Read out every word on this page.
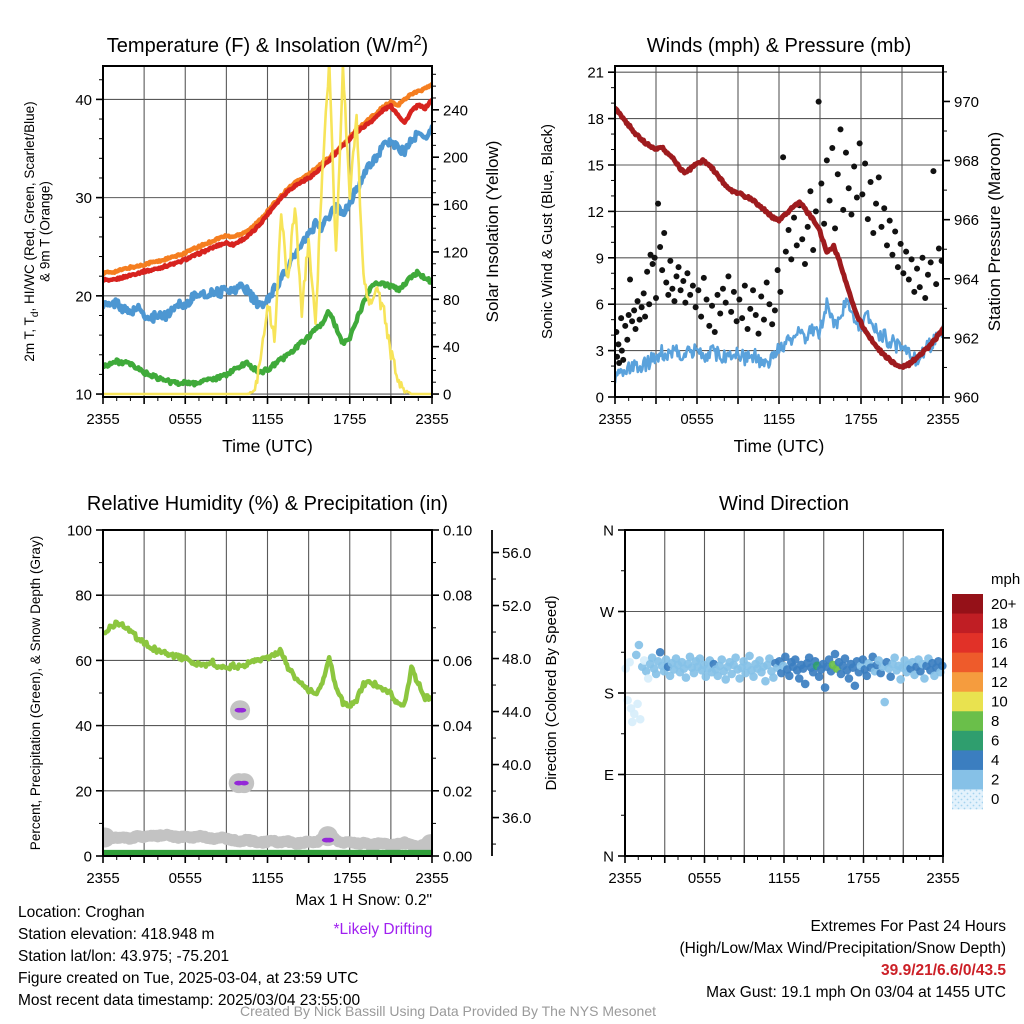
2355	0555	1155	1755	2355
Time (UTC)
10
20
30
40
2m T, $T_d$, HI/WC (Red, Green, Scarlet/Blue) & 9m T (Orange)
0
40
80
120
160
200
240
Solar Insolation (Yellow)
Temperature (F) & Insolation $(W/m^2)$
2355	0555	1155	1755	2355
Time (UTC)
0
3
6
9
12
15
18
21
Sonic Wind & Gust (Blue, Black)
960
962
964
966
968
970
Station Pressure (Maroon)
Winds (mph) & Pressure (mb)
2355	0555	1155	1755	2355
0
20
40
60
80
100
Percent, Precipitation (Green), & Snow Depth (Gray)
0.00
0.02
0.04
0.06
0.08
0.10
36.0
40.0
44.0
48.0
52.0
56.0
Relative Humidity (%) & Precipitation (in)
2355	0555	1155	1755	2355
N
W
S
E
N
Direction (Colored By Speed)
Wind Direction
20+
18
16
14
12
10
8
6
4
2
0
mph
Location: Croghan
Station elevation: 418.948 m
Station lat/lon: 43.975; -75.201
Figure created on Tue, 2025-03-04, at 23:59 UTC
Most recent data timestamp: 2025/03/04 23:55:00
Max 1 H Snow: 0.2"
*Likely Drifting	Extremes For Past 24 Hours
(High/Low/Max Wind/Precipitation/Snow Depth)
39.9/21/6.6/0/43.5
Max Gust: 19.1 mph On 03/04 at 1455 UTC
Created By Nick Bassill Using Data Provided By The NYS Mesonet
